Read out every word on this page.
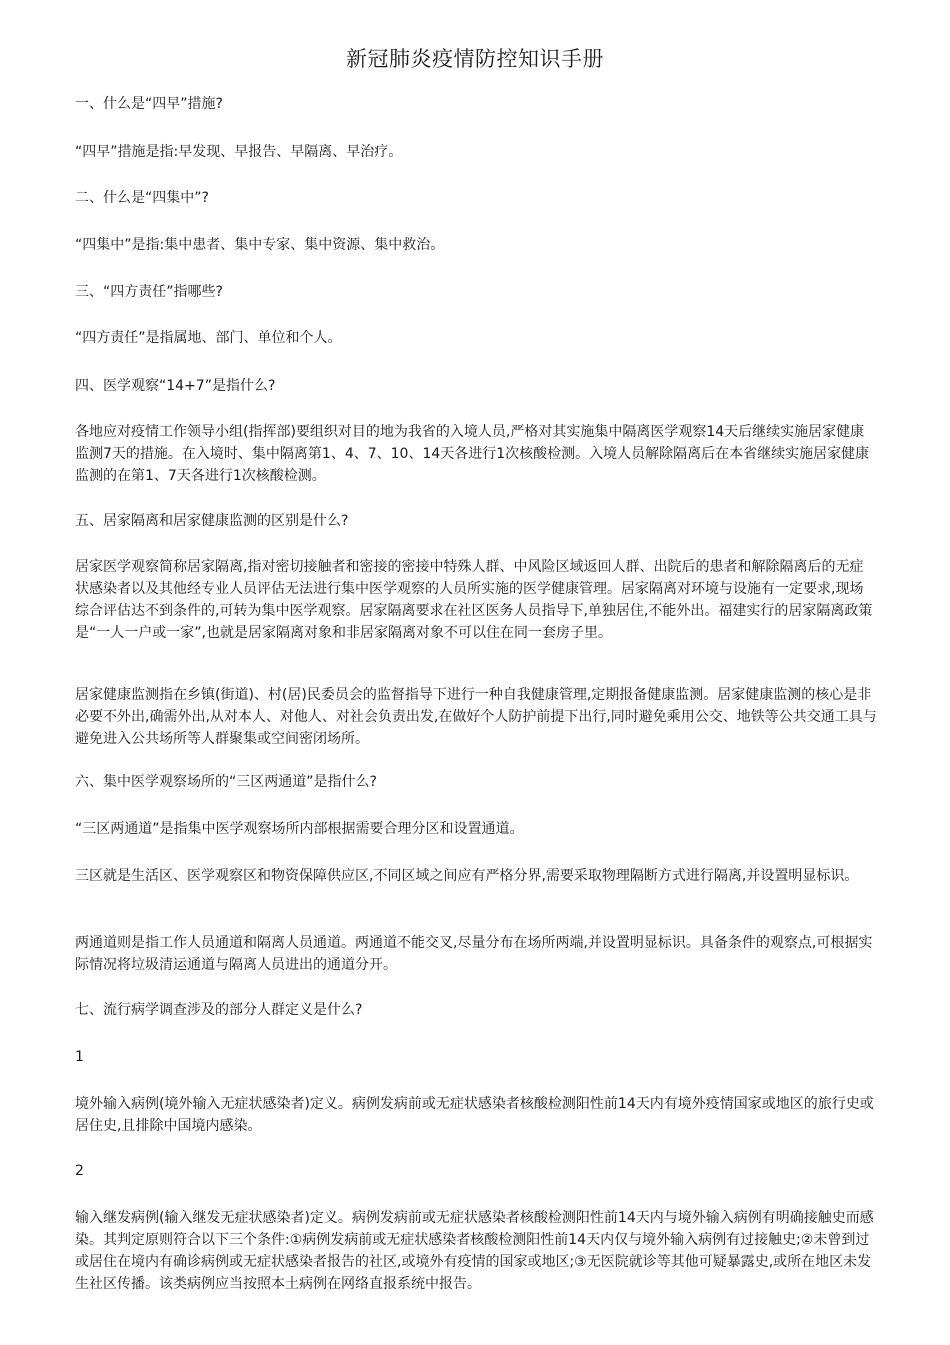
新冠肺炎疫情防控知识手册

一、什么是“四早”措施?

“四早”措施是指:早发现、早报告、早隔离、早治疗。

二、什么是“四集中”?

“四集中”是指:集中患者、集中专家、集中资源、集中救治。

三、“四方责任”指哪些?

“四方责任”是指属地、部门、单位和个人。

四、医学观察“14+7”是指什么?

各地应对疫情工作领导小组(指挥部)要组织对目的地为我省的入境人员,严格对其实施集中隔离医学观察14天后继续实施居家健康监测7天的措施。在入境时、集中隔离第1、4、7、10、14天各进行1次核酸检测。入境人员解除隔离后在本省继续实施居家健康监测的在第1、7天各进行1次核酸检测。

五、居家隔离和居家健康监测的区别是什么?

居家医学观察简称居家隔离,指对密切接触者和密接的密接中特殊人群、中风险区域返回人群、出院后的患者和解除隔离后的无症状感染者以及其他经专业人员评估无法进行集中医学观察的人员所实施的医学健康管理。居家隔离对环境与设施有一定要求,现场综合评估达不到条件的,可转为集中医学观察。居家隔离要求在社区医务人员指导下,单独居住,不能外出。福建实行的居家隔离政策是“一人一户或一家”,也就是居家隔离对象和非居家隔离对象不可以住在同一套房子里。

居家健康监测指在乡镇(街道)、村(居)民委员会的监督指导下进行一种自我健康管理,定期报备健康监测。居家健康监测的核心是非必要不外出,确需外出,从对本人、对他人、对社会负责出发,在做好个人防护前提下出行,同时避免乘用公交、地铁等公共交通工具与避免进入公共场所等人群聚集或空间密闭场所。

六、集中医学观察场所的“三区两通道”是指什么?

“三区两通道”是指集中医学观察场所内部根据需要合理分区和设置通道。

三区就是生活区、医学观察区和物资保障供应区,不同区域之间应有严格分界,需要采取物理隔断方式进行隔离,并设置明显标识。

两通道则是指工作人员通道和隔离人员通道。两通道不能交叉,尽量分布在场所两端,并设置明显标识。具备条件的观察点,可根据实际情况将垃圾清运通道与隔离人员进出的通道分开。

七、流行病学调查涉及的部分人群定义是什么?

1

境外输入病例(境外输入无症状感染者)定义。病例发病前或无症状感染者核酸检测阳性前14天内有境外疫情国家或地区的旅行史或居住史,且排除中国境内感染。

2

输入继发病例(输入继发无症状感染者)定义。病例发病前或无症状感染者核酸检测阳性前14天内与境外输入病例有明确接触史而感染。其判定原则符合以下三个条件:①病例发病前或无症状感染者核酸检测阳性前14天内仅与境外输入病例有过接触史;②未曾到过或居住在境内有确诊病例或无症状感染者报告的社区,或境外有疫情的国家或地区;③无医院就诊等其他可疑暴露史,或所在地区未发生社区传播。该类病例应当按照本土病例在网络直报系统中报告。
